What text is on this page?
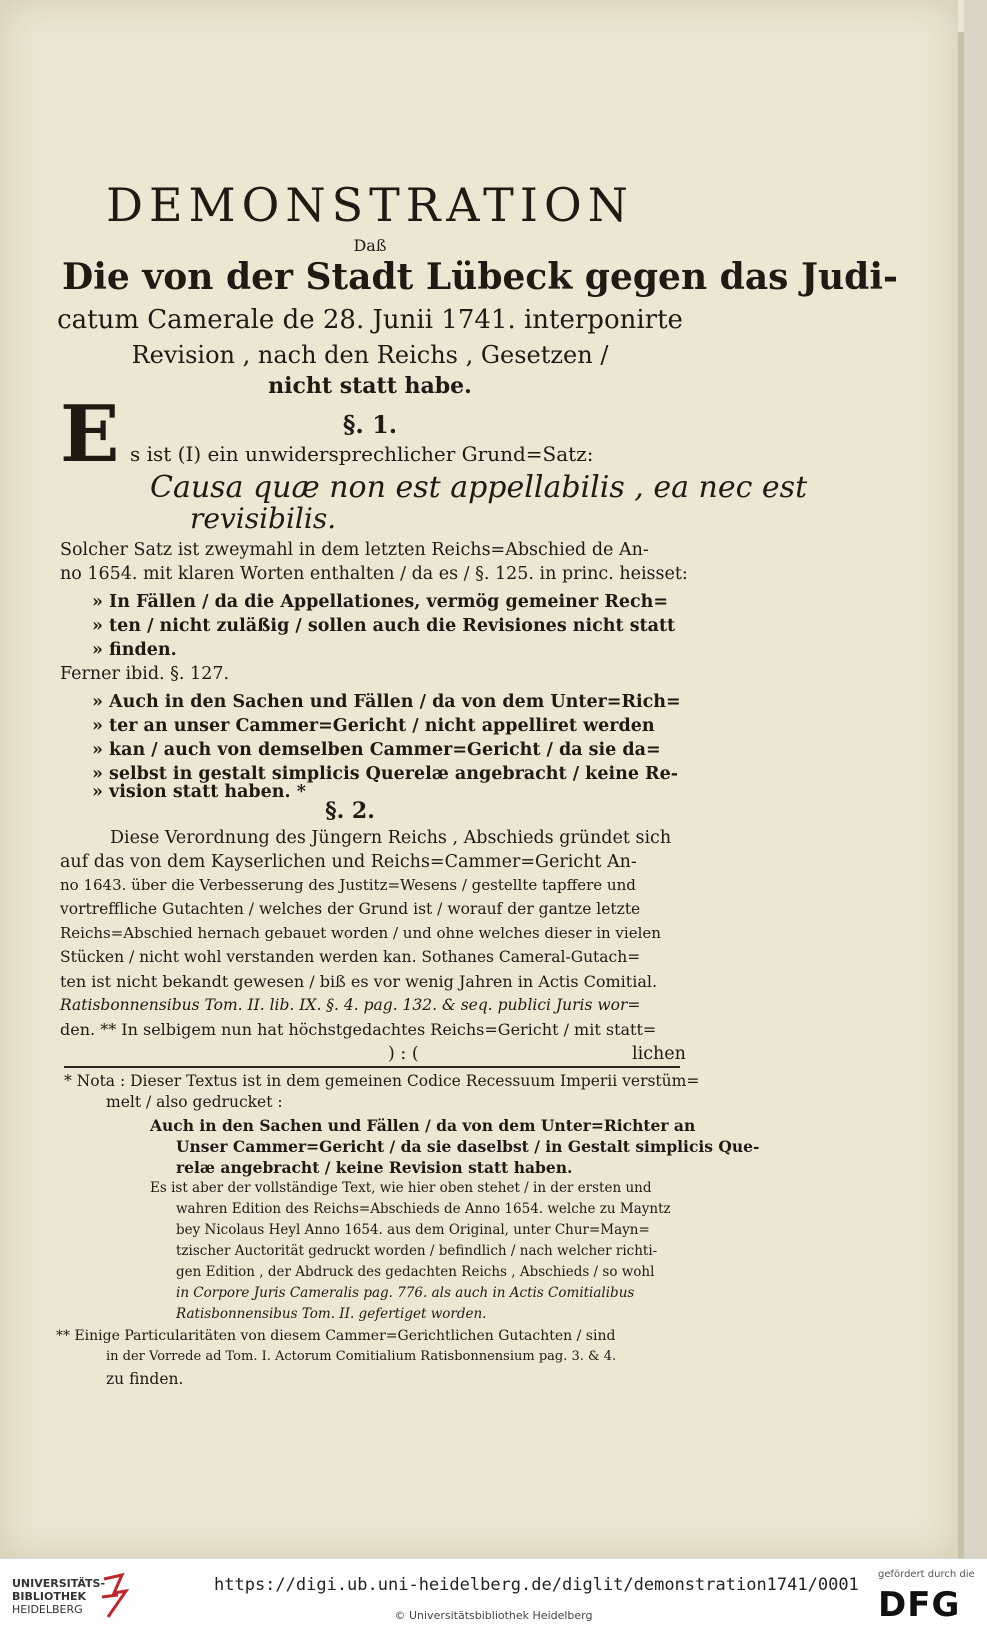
DEMONSTRATION
Daß
Die von der Stadt Lübeck gegen das Judi-
catum Camerale de 28. Junii 1741. interponirte
Revision , nach den Reichs , Gesetzen /
nicht statt habe.
E	§. 1.
s ist (I) ein unwidersprechlicher Grund=Satz:
Causa quæ non est appellabilis , ea nec est
revisibilis.
Solcher Satz ist zweymahl in dem letzten Reichs=Abschied de An-
no 1654. mit klaren Worten enthalten / da es / §. 125. in princ. heisset:
» In Fällen / da die Appellationes, vermög gemeiner Rech=
» ten / nicht zuläßig / sollen auch die Revisiones nicht statt
» finden.
Ferner ibid. §. 127.
» Auch in den Sachen und Fällen / da von dem Unter=Rich=
» ter an unser Cammer=Gericht / nicht appelliret werden
» kan / auch von demselben Cammer=Gericht / da sie da=
» selbst in gestalt simplicis Querelæ angebracht / keine Re-
» vision statt haben. *
§. 2.
Diese Verordnung des Jüngern Reichs , Abschieds gründet sich
auf das von dem Kayserlichen und Reichs=Cammer=Gericht An-
no 1643. über die Verbesserung des Justitz=Wesens / gestellte tapffere und
vortreffliche Gutachten / welches der Grund ist / worauf der gantze letzte
Reichs=Abschied hernach gebauet worden / und ohne welches dieser in vielen
Stücken / nicht wohl verstanden werden kan. Sothanes Cameral-Gutach=
ten ist nicht bekandt gewesen / biß es vor wenig Jahren in Actis Comitial.
Ratisbonnensibus Tom. II. lib. IX. §. 4. pag. 132. & seq. publici Juris wor=
den. ** In selbigem nun hat höchstgedachtes Reichs=Gericht / mit statt=
) : (	lichen
* Nota : Dieser Textus ist in dem gemeinen Codice Recessuum Imperii verstüm=
melt / also gedrucket :
Auch in den Sachen und Fällen / da von dem Unter=Richter an
Unser Cammer=Gericht / da sie daselbst / in Gestalt simplicis Que-
relæ angebracht / keine Revision statt haben.
Es ist aber der vollständige Text, wie hier oben stehet / in der ersten und
wahren Edition des Reichs=Abschieds de Anno 1654. welche zu Mayntz
bey Nicolaus Heyl Anno 1654. aus dem Original, unter Chur=Mayn=
tzischer Auctorität gedruckt worden / befindlich / nach welcher richti-
gen Edition , der Abdruck des gedachten Reichs , Abschieds / so wohl
in Corpore Juris Cameralis pag. 776. als auch in Actis Comitialibus
Ratisbonnensibus Tom. II. gefertiget worden.
** Einige Particularitäten von diesem Cammer=Gerichtlichen Gutachten / sind
in der Vorrede ad Tom. I. Actorum Comitialium Ratisbonnensium pag. 3. & 4.
zu finden.
UNIVERSITÄTS-
BIBLIOTHEK
HEIDELBERG
https://digi.ub.uni-heidelberg.de/diglit/demonstration1741/0001
© Universitätsbibliothek Heidelberg
gefördert durch die
DFG
